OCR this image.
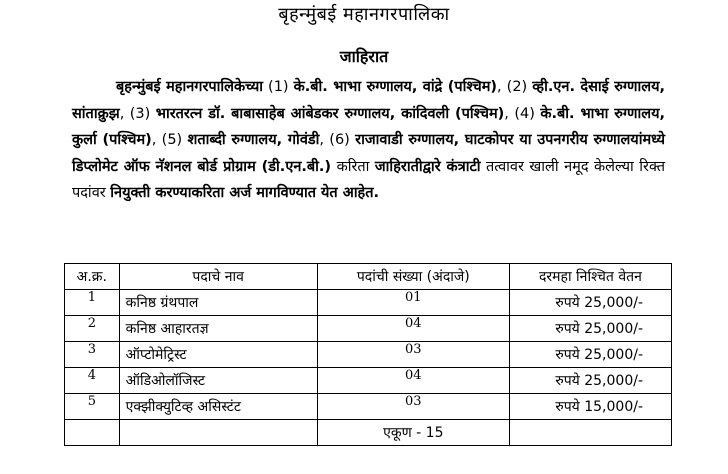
बृहन्मुंबई महानगरपालिका
जाहिरात
बृहन्मुंबई महानगरपालिकेच्या (1) के.बी. भाभा रुग्णालय, वांद्रे (पश्चिम), (2) व्ही.एन. देसाई रुग्णालय, सांताक्रुझ, (3) भारतरत्न डॉ. बाबासाहेब आंबेडकर रुग्णालय, कांदिवली (पश्चिम), (4) के.बी. भाभा रुग्णालय, कुर्ला (पश्चिम), (5) शताब्दी रुग्णालय, गोवंडी, (6) राजावाडी रुग्णालय, घाटकोपर या उपनगरीय रुग्णालयांमध्ये डिप्लोमेट ऑफ नॅशनल बोर्ड प्रोग्राम (डी.एन.बी.) करिता जाहिरातीद्वारे कंत्राटी तत्वावर खाली नमूद केलेल्या रिक्त पदांवर नियुक्ती करण्याकरिता अर्ज मागविण्यात येत आहेत.
अ.क्र.	पदाचे नाव	पदांची संख्या (अंदाजे)	दरमहा निश्चित वेतन
1	कनिष्ठ ग्रंथपाल	01	रुपये 25,000/-
2	कनिष्ठ आहारतज्ञ	04	रुपये 25,000/-
3	ऑप्टोमेट्रिस्ट	03	रुपये 25,000/-
4	ऑडिओलॉजिस्ट	04	रुपये 25,000/-
5	एक्झीक्युटिव्ह असिस्टंट	03	रुपये 15,000/-
		एकूण - 15	
